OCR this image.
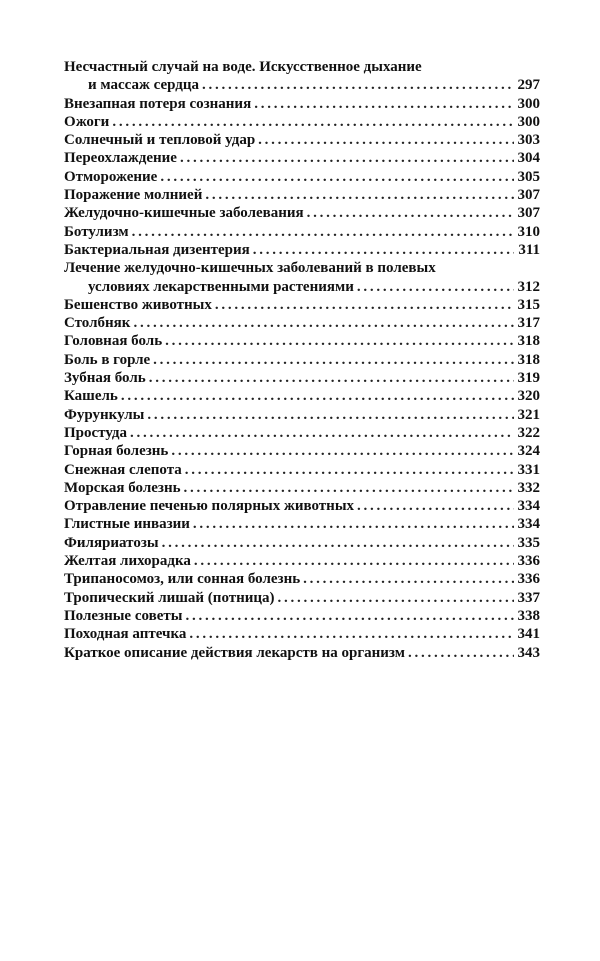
Несчастный случай на воде. Искусственное дыхание
и массаж сердца . . .	297
Внезапная потеря сознания . . .	300
Ожоги . . .	300
Солнечный и тепловой удар . . .	303
Переохлаждение . . .	304
Отморожение . . .	305
Поражение молнией . . .	307
Желудочно-кишечные заболевания . . .	307
Ботулизм . . .	310
Бактериальная дизентерия . . .	311
Лечение желудочно-кишечных заболеваний в полевых
условиях лекарственными растениями . . .	312
Бешенство животных . . .	315
Столбняк . . .	317
Головная боль . . .	318
Боль в горле . . .	318
Зубная боль . . .	319
Кашель . . .	320
Фурункулы . . .	321
Простуда . . .	322
Горная болезнь . . .	324
Снежная слепота . . .	331
Морская болезнь . . .	332
Отравление печенью полярных животных . . .	334
Глистные инвазии . . .	334
Филяриатозы . . .	335
Желтая лихорадка . . .	336
Трипаносомоз, или сонная болезнь . . .	336
Тропический лишай (потница) . . .	337
Полезные советы . . .	338
Походная аптечка . . .	341
Краткое описание действия лекарств на организм . . .	343
